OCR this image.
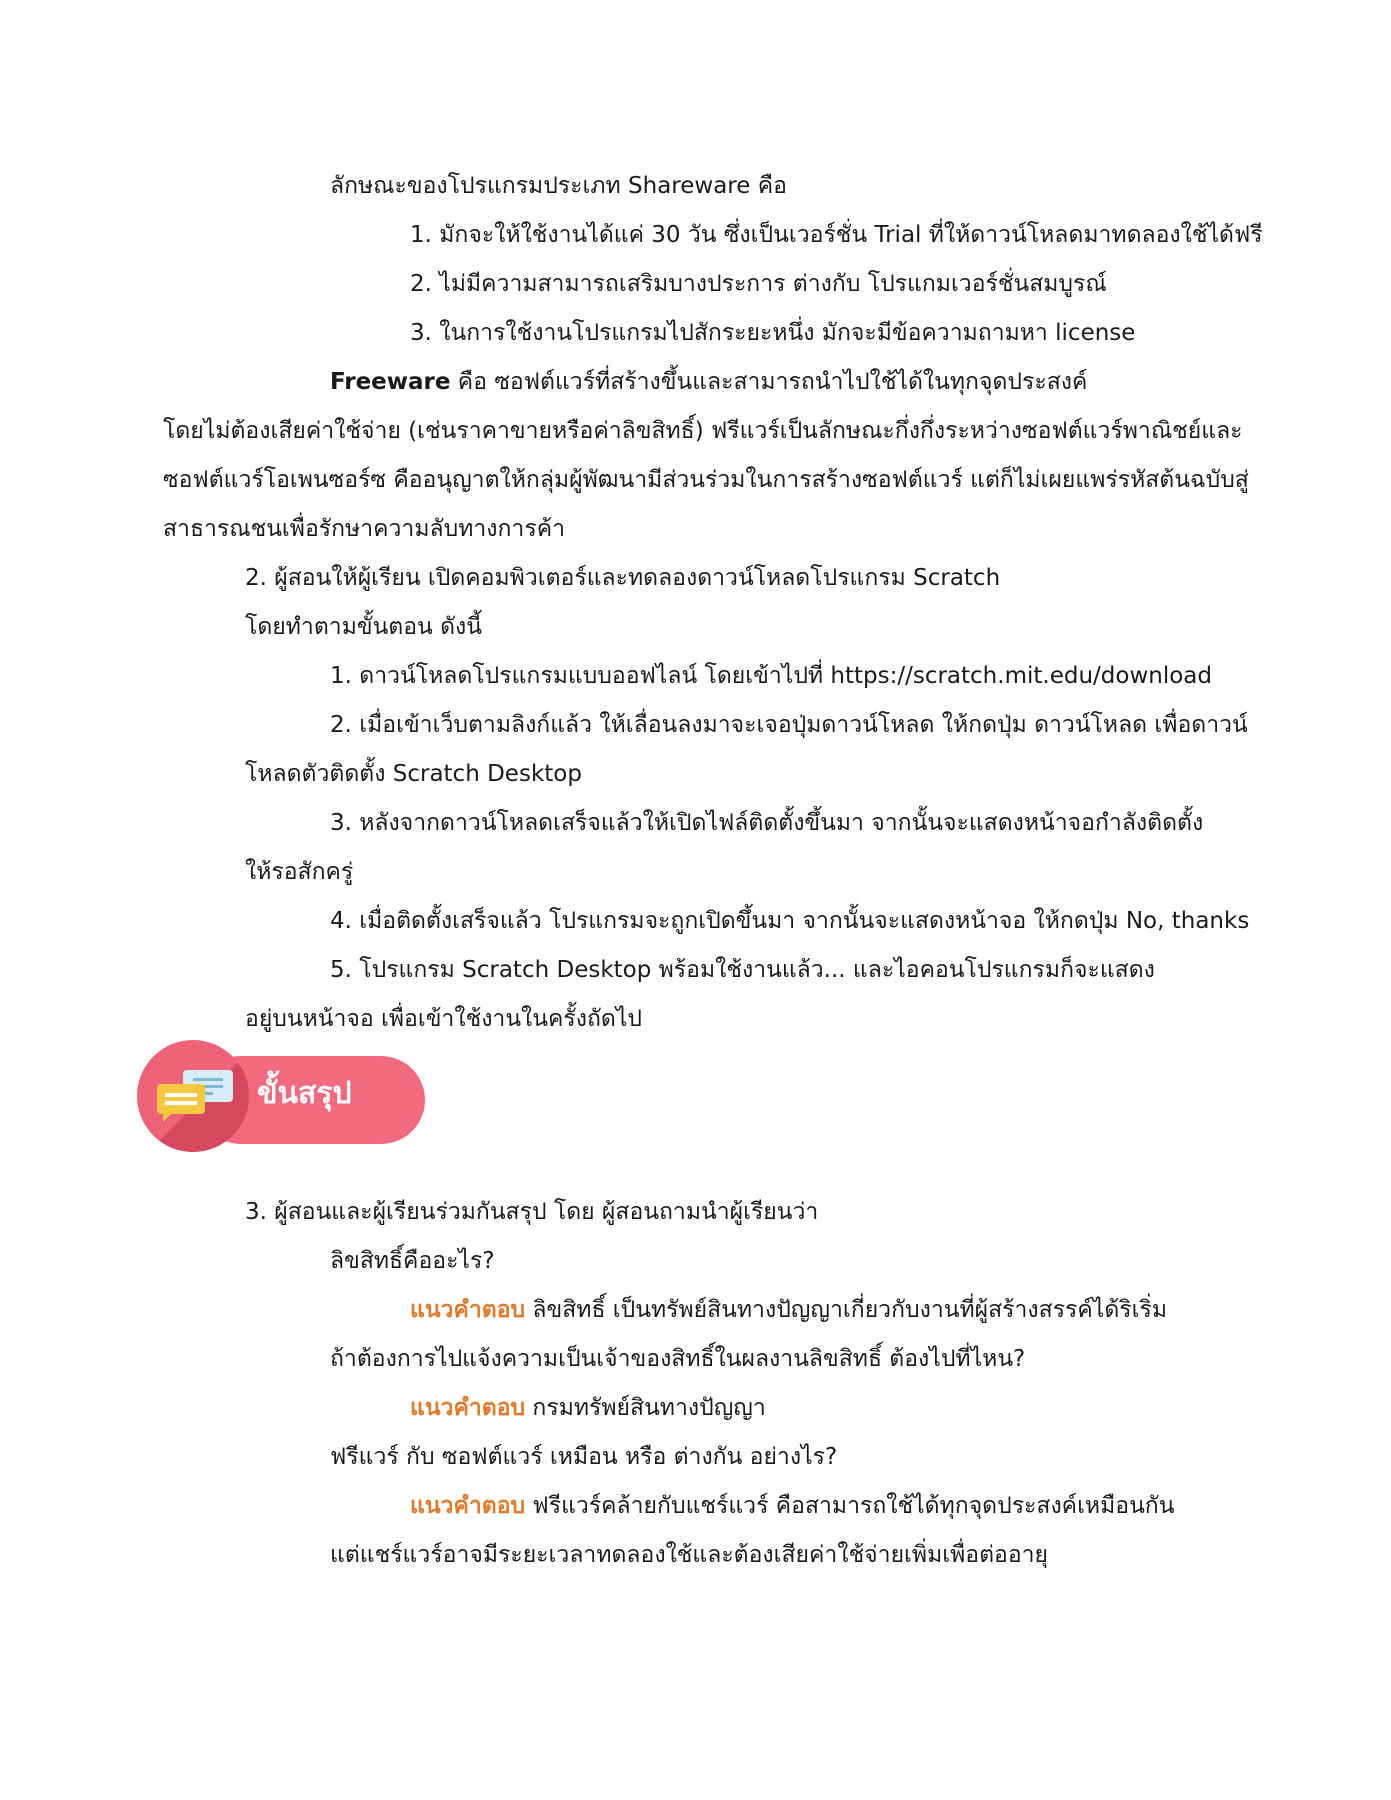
ลักษณะของโปรแกรมประเภท Shareware คือ
1. มักจะให้ใช้งานได้แค่ 30 วัน ซึ่งเป็นเวอร์ชั่น Trial ที่ให้ดาวน์โหลดมาทดลองใช้ได้ฟรี
2. ไม่มีความสามารถเสริมบางประการ ต่างกับ โปรแกมเวอร์ชั่นสมบูรณ์
3. ในการใช้งานโปรแกรมไปสักระยะหนึ่ง มักจะมีข้อความถามหา license
Freeware คือ ซอฟต์แวร์ที่สร้างขึ้นและสามารถนำไปใช้ได้ในทุกจุดประสงค์
โดยไม่ต้องเสียค่าใช้จ่าย (เช่นราคาขายหรือค่าลิขสิทธิ์) ฟรีแวร์เป็นลักษณะกึ่งกึ่งระหว่างซอฟต์แวร์พาณิชย์และ
ซอฟต์แวร์โอเพนซอร์ซ คืออนุญาตให้กลุ่มผู้พัฒนามีส่วนร่วมในการสร้างซอฟต์แวร์ แต่ก็ไม่เผยแพร่รหัสต้นฉบับสู่
สาธารณชนเพื่อรักษาความลับทางการค้า
2. ผู้สอนให้ผู้เรียน เปิดคอมพิวเตอร์และทดลองดาวน์โหลดโปรแกรม Scratch
โดยทำตามขั้นตอน ดังนี้
1. ดาวน์โหลดโปรแกรมแบบออฟไลน์ โดยเข้าไปที่ https://scratch.mit.edu/download
2. เมื่อเข้าเว็บตามลิงก์แล้ว ให้เลื่อนลงมาจะเจอปุ่มดาวน์โหลด ให้กดปุ่ม ดาวน์โหลด เพื่อดาวน์
โหลดตัวติดตั้ง Scratch Desktop
3. หลังจากดาวน์โหลดเสร็จแล้วให้เปิดไฟล์ติดตั้งขึ้นมา จากนั้นจะแสดงหน้าจอกำลังติดตั้ง
ให้รอสักครู่
4. เมื่อติดตั้งเสร็จแล้ว โปรแกรมจะถูกเปิดขึ้นมา จากนั้นจะแสดงหน้าจอ ให้กดปุ่ม No, thanks
5. โปรแกรม Scratch Desktop พร้อมใช้งานแล้ว... และไอคอนโปรแกรมก็จะแสดง
อยู่บนหน้าจอ เพื่อเข้าใช้งานในครั้งถัดไป
ขั้นสรุป
3. ผู้สอนและผู้เรียนร่วมกันสรุป โดย ผู้สอนถามนำผู้เรียนว่า
ลิขสิทธิ์คืออะไร?
แนวคำตอบ ลิขสิทธิ์ เป็นทรัพย์สินทางปัญญาเกี่ยวกับงานที่ผู้สร้างสรรค์ได้ริเริ่ม
ถ้าต้องการไปแจ้งความเป็นเจ้าของสิทธิ์ในผลงานลิขสิทธิ์ ต้องไปที่ไหน?
แนวคำตอบ กรมทรัพย์สินทางปัญญา
ฟรีแวร์ กับ ซอฟต์แวร์ เหมือน หรือ ต่างกัน อย่างไร?
แนวคำตอบ ฟรีแวร์คล้ายกับแชร์แวร์ คือสามารถใช้ได้ทุกจุดประสงค์เหมือนกัน
แต่แชร์แวร์อาจมีระยะเวลาทดลองใช้และต้องเสียค่าใช้จ่ายเพิ่มเพื่อต่ออายุ
